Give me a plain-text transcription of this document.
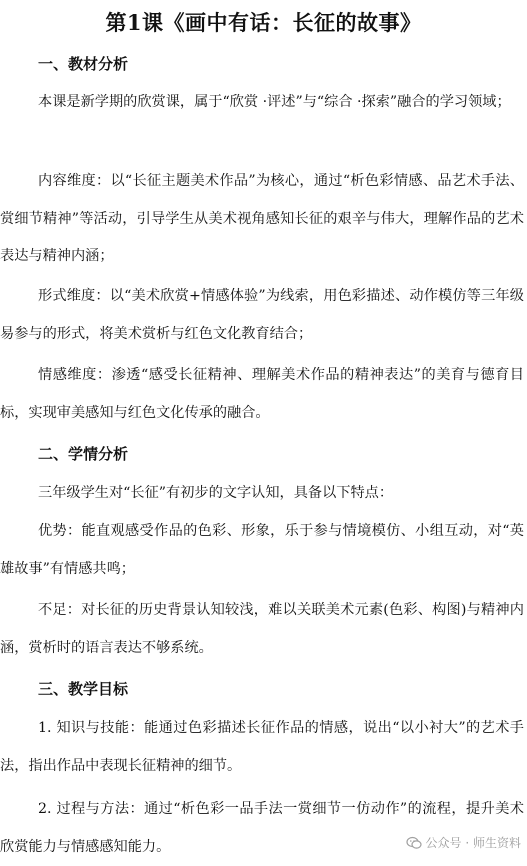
第1课《画中有话：长征的故事》
一、教材分析
本课是新学期的欣赏课，属于“欣赏 ·评述”与“综合 ·探索”融合的学习领域；
内容维度：以“长征主题美术作品”为核心，通过“析色彩情感、品艺术手法、赏细节精神”等活动，引导学生从美术视角感知长征的艰辛与伟大，理解作品的艺术表达与精神内涵；
形式维度：以“美术欣赏+情感体验”为线索，用色彩描述、动作模仿等三年级易参与的形式，将美术赏析与红色文化教育结合；
情感维度：渗透“感受长征精神、理解美术作品的精神表达”的美育与德育目标，实现审美感知与红色文化传承的融合。
二、学情分析
三年级学生对“长征”有初步的文字认知，具备以下特点：
优势：能直观感受作品的色彩、形象，乐于参与情境模仿、小组互动，对“英雄故事”有情感共鸣；
不足：对长征的历史背景认知较浅，难以关联美术元素(色彩、构图)与精神内涵，赏析时的语言表达不够系统。
三、教学目标
1. 知识与技能：能通过色彩描述长征作品的情感，说出“以小衬大”的艺术手法，指出作品中表现长征精神的细节。
2. 过程与方法：通过“析色彩一品手法一赏细节一仿动作”的流程，提升美术欣赏能力与情感感知能力。	公众号 · 师生资料
